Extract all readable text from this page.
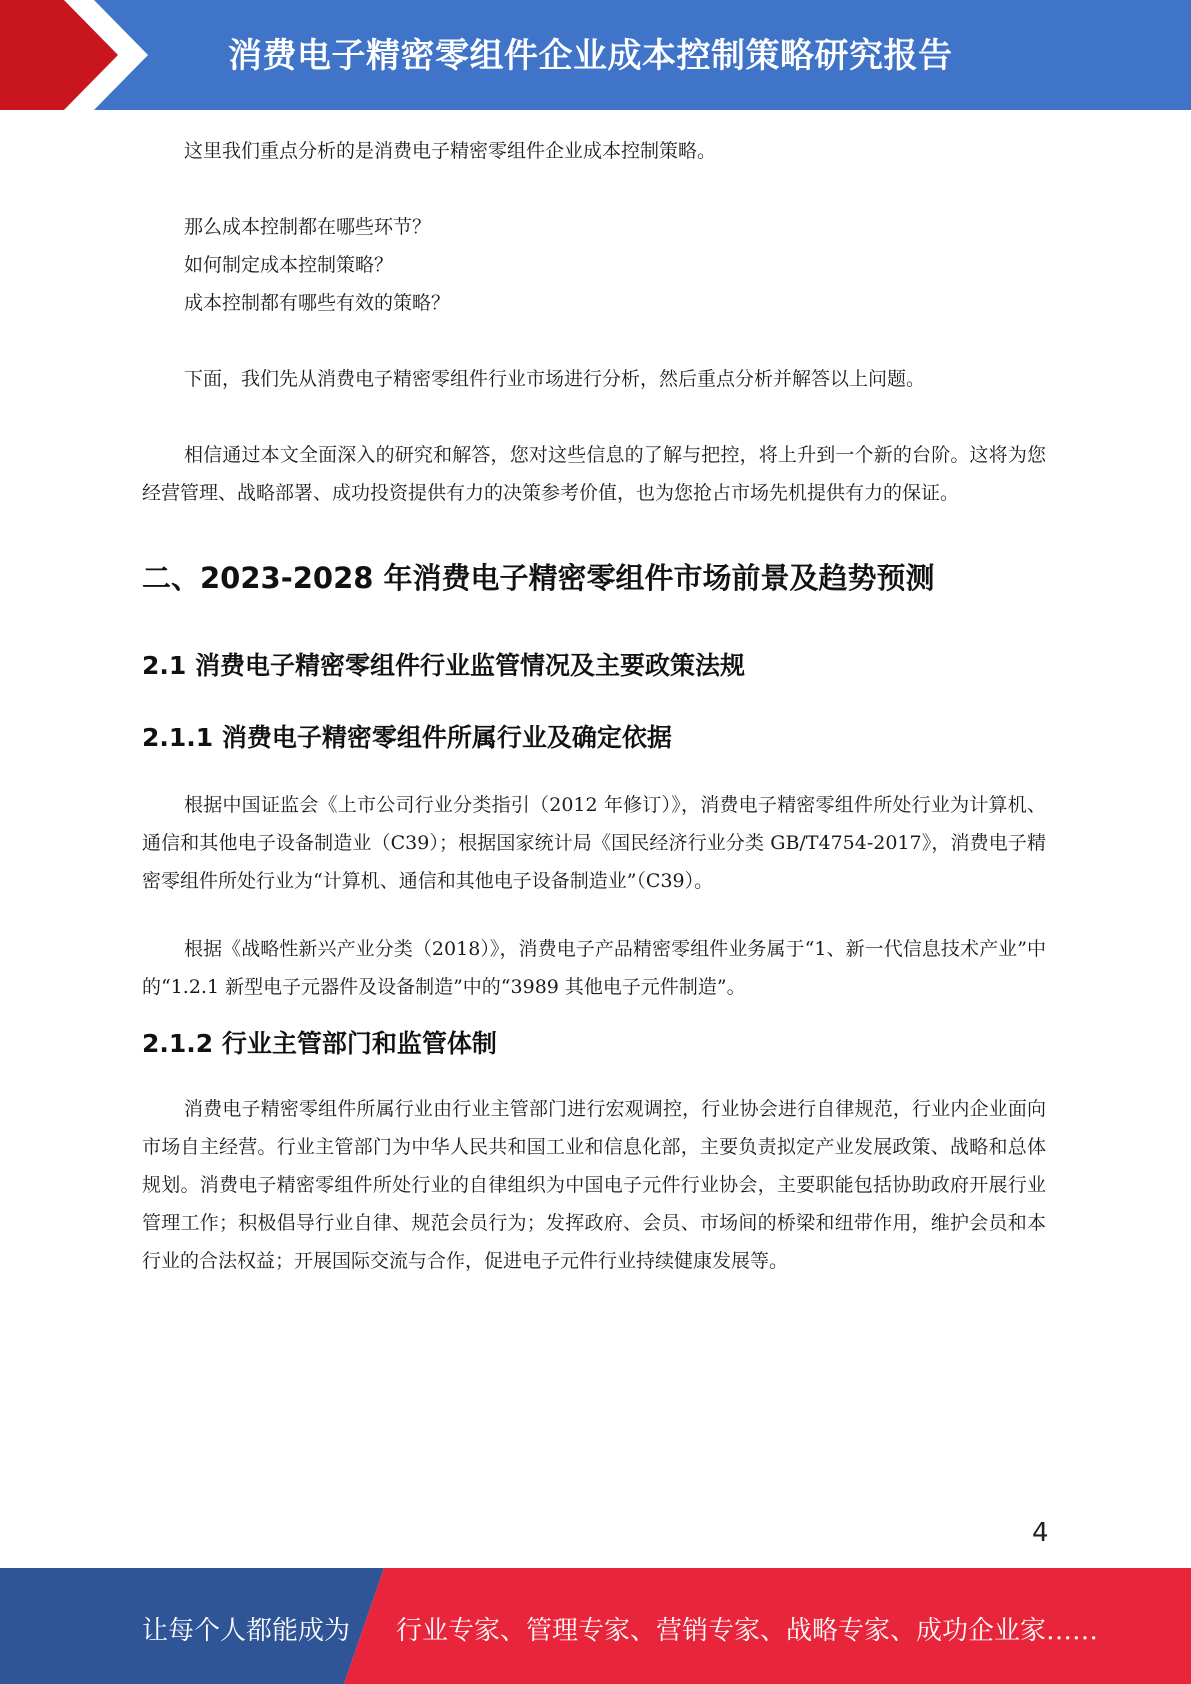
消费电子精密零组件企业成本控制策略研究报告

这里我们重点分析的是消费电子精密零组件企业成本控制策略。

那么成本控制都在哪些环节？

如何制定成本控制策略？

成本控制都有哪些有效的策略？

下面，我们先从消费电子精密零组件行业市场进行分析，然后重点分析并解答以上问题。

相信通过本文全面深入的研究和解答，您对这些信息的了解与把控，将上升到一个新的台阶。这将为您经营管理、战略部署、成功投资提供有力的决策参考价值，也为您抢占市场先机提供有力的保证。

二、2023-2028 年消费电子精密零组件市场前景及趋势预测
2.1 消费电子精密零组件行业监管情况及主要政策法规
2.1.1 消费电子精密零组件所属行业及确定依据

根据中国证监会《上市公司行业分类指引（2012 年修订）》，消费电子精密零组件所处行业为计算机、通信和其他电子设备制造业（C39）；根据国家统计局《国民经济行业分类 GB/T4754-2017》，消费电子精密零组件所处行业为“计算机、通信和其他电子设备制造业”（C39）。

根据《战略性新兴产业分类（2018）》，消费电子产品精密零组件业务属于“1、新一代信息技术产业”中的“1.2.1 新型电子元器件及设备制造”中的“3989 其他电子元件制造”。

2.1.2 行业主管部门和监管体制

消费电子精密零组件所属行业由行业主管部门进行宏观调控，行业协会进行自律规范，行业内企业面向市场自主经营。行业主管部门为中华人民共和国工业和信息化部，主要负责拟定产业发展政策、战略和总体规划。消费电子精密零组件所处行业的自律组织为中国电子元件行业协会，主要职能包括协助政府开展行业管理工作；积极倡导行业自律、规范会员行为；发挥政府、会员、市场间的桥梁和纽带作用，维护会员和本行业的合法权益；开展国际交流与合作，促进电子元件行业持续健康发展等。

4
让每个人都能成为 行业专家、管理专家、营销专家、战略专家、成功企业家……
